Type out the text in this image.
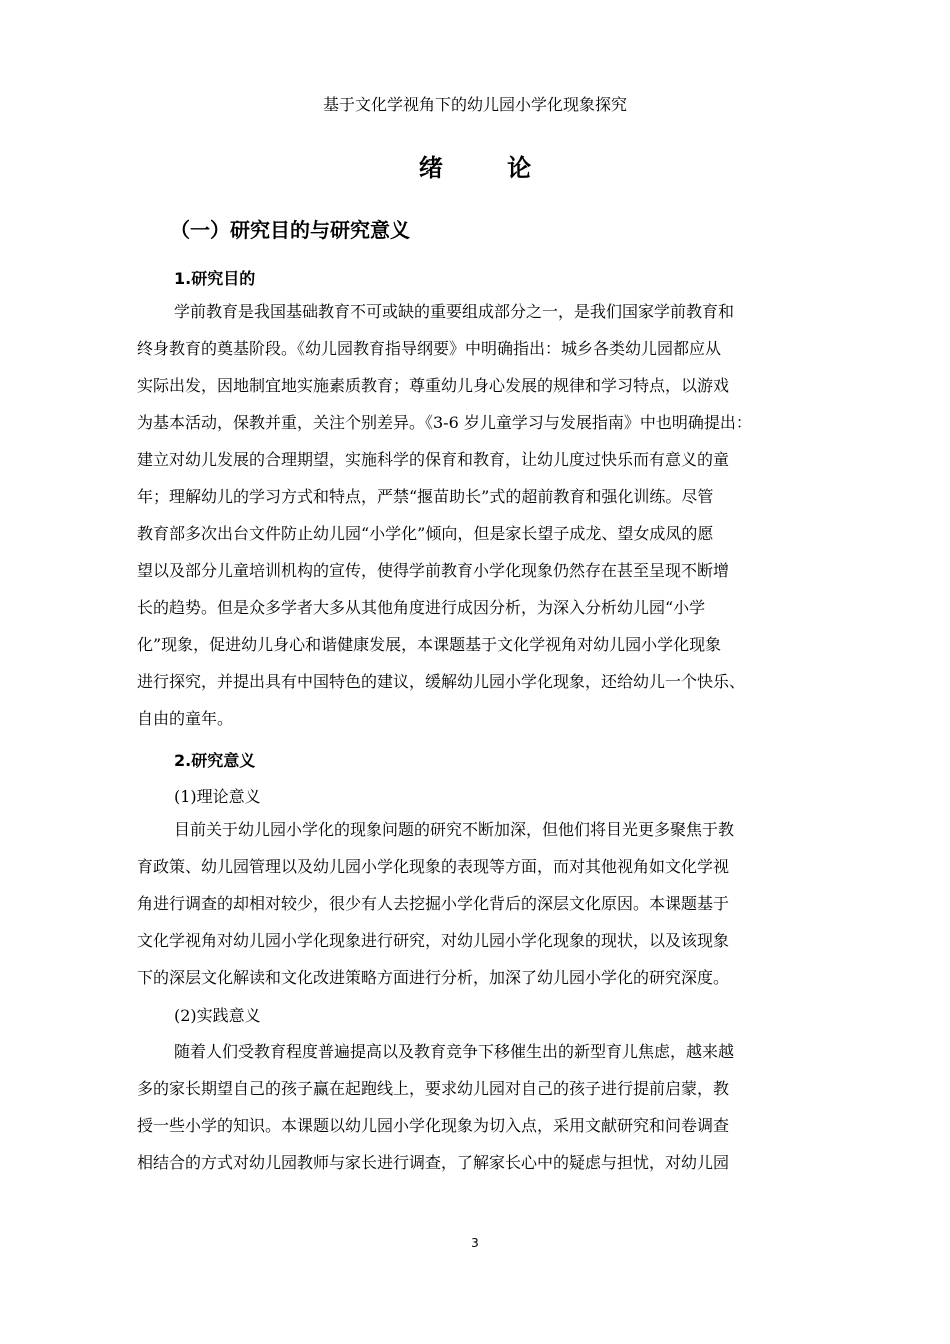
基于文化学视角下的幼儿园小学化现象探究
绪 论
（一）研究目的与研究意义
1.研究目的
学前教育是我国基础教育不可或缺的重要组成部分之一，是我们国家学前教育和
终身教育的奠基阶段。《幼儿园教育指导纲要》中明确指出：城乡各类幼儿园都应从
实际出发，因地制宜地实施素质教育；尊重幼儿身心发展的规律和学习特点，以游戏
为基本活动，保教并重，关注个别差异。《3-6 岁儿童学习与发展指南》中也明确提出：
建立对幼儿发展的合理期望，实施科学的保育和教育，让幼儿度过快乐而有意义的童
年；理解幼儿的学习方式和特点，严禁“揠苗助长”式的超前教育和强化训练。尽管
教育部多次出台文件防止幼儿园“小学化”倾向，但是家长望子成龙、望女成凤的愿
望以及部分儿童培训机构的宣传，使得学前教育小学化现象仍然存在甚至呈现不断增
长的趋势。但是众多学者大多从其他角度进行成因分析，为深入分析幼儿园“小学
化”现象，促进幼儿身心和谐健康发展，本课题基于文化学视角对幼儿园小学化现象
进行探究，并提出具有中国特色的建议，缓解幼儿园小学化现象，还给幼儿一个快乐、
自由的童年。
2.研究意义
(1)理论意义
目前关于幼儿园小学化的现象问题的研究不断加深，但他们将目光更多聚焦于教
育政策、幼儿园管理以及幼儿园小学化现象的表现等方面，而对其他视角如文化学视
角进行调查的却相对较少，很少有人去挖掘小学化背后的深层文化原因。本课题基于
文化学视角对幼儿园小学化现象进行研究，对幼儿园小学化现象的现状，以及该现象
下的深层文化解读和文化改进策略方面进行分析，加深了幼儿园小学化的研究深度。
(2)实践意义
随着人们受教育程度普遍提高以及教育竞争下移催生出的新型育儿焦虑，越来越
多的家长期望自己的孩子赢在起跑线上，要求幼儿园对自己的孩子进行提前启蒙，教
授一些小学的知识。本课题以幼儿园小学化现象为切入点，采用文献研究和问卷调查
相结合的方式对幼儿园教师与家长进行调查，了解家长心中的疑虑与担忧，对幼儿园
3
